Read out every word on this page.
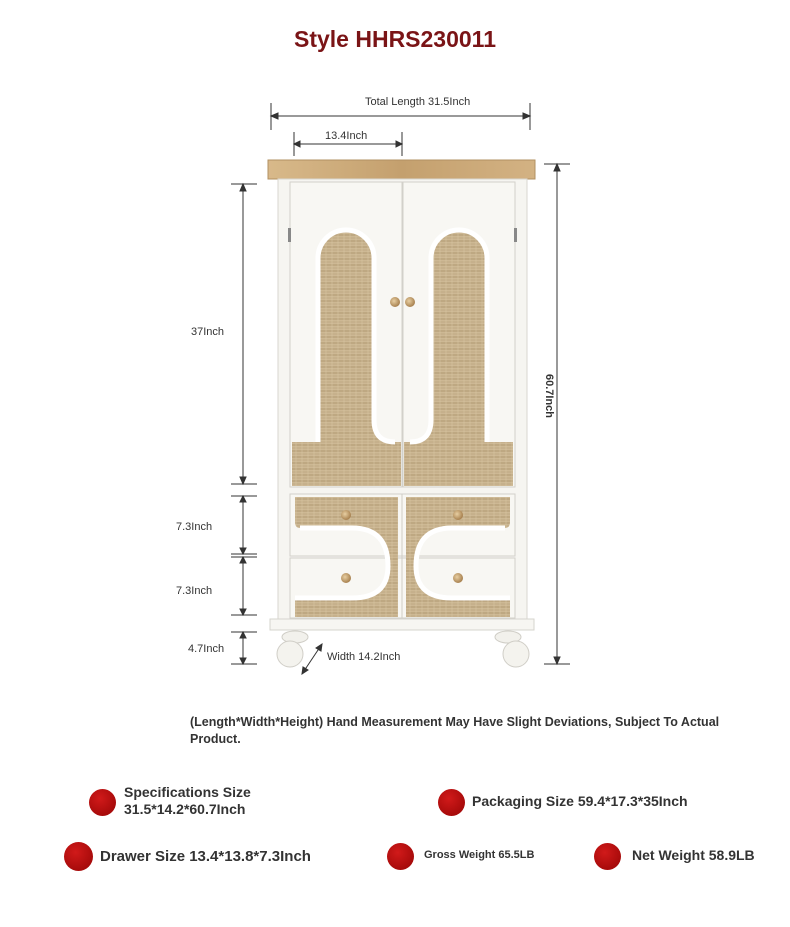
Style HHRS230011
Total Length 31.5Inch
13.4Inch
37Inch
60.7Inch
7.3Inch
7.3Inch
4.7Inch
Width 14.2Inch
(Length*Width*Height) Hand Measurement May Have Slight Deviations, Subject To Actual Product.
Specifications Size
31.5*14.2*60.7Inch	Packaging Size 59.4*17.3*35Inch
Drawer Size 13.4*13.8*7.3Inch	Gross Weight 65.5LB	Net Weight 58.9LB
